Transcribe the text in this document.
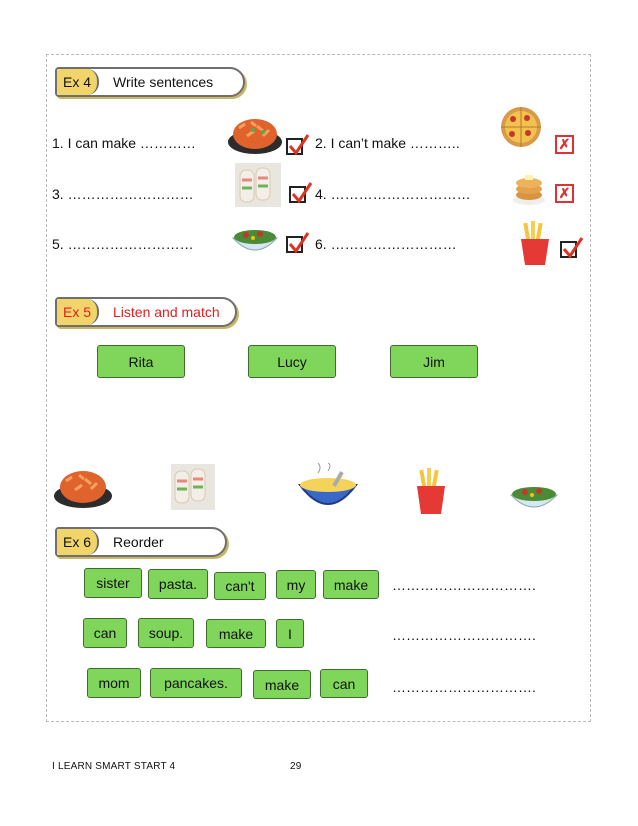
Ex 4	Write sentences
1. I can make …………	2. I can’t make ………..
3. ………………………	4. …………………………
5. ………………………	6. ………………………
✗
✗
Ex 5	Listen and match
Rita	Lucy	Jim
Ex 6	Reorder
sister	pasta.	can't	my	make	………………………….
can	soup.	make	I	………………………….
mom	pancakes.	make	can	………………………….
I LEARN SMART START 4	29
